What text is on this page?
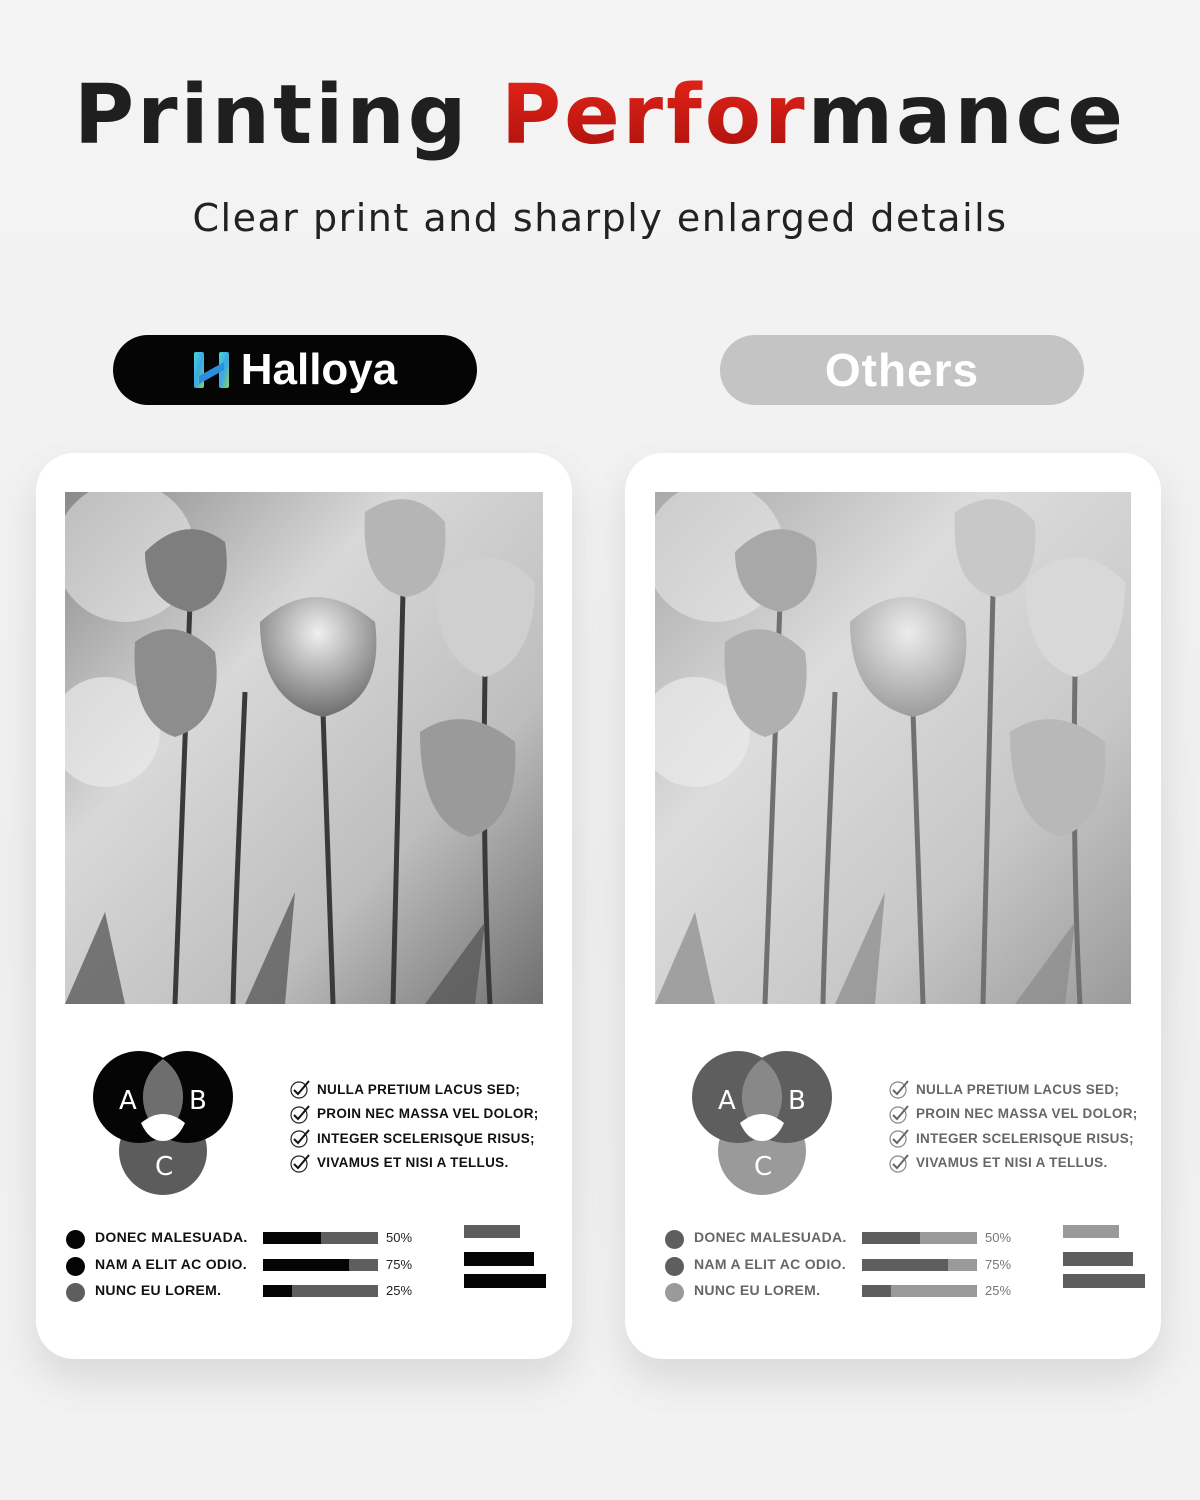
Printing Performance
Clear print and sharply enlarged details
Halloya	Others
A B
C
NULLA PRETIUM LACUS SED;
PROIN NEC MASSA VEL DOLOR;
INTEGER SCELERISQUE RISUS;
VIVAMUS ET NISI A TELLUS.
DONEC MALESUADA.	50%
NAM A ELIT AC ODIO.	75%
NUNC EU LOREM.	25%
A B
C
NULLA PRETIUM LACUS SED;
PROIN NEC MASSA VEL DOLOR;
INTEGER SCELERISQUE RISUS;
VIVAMUS ET NISI A TELLUS.
DONEC MALESUADA.	50%
NAM A ELIT AC ODIO.	75%
NUNC EU LOREM.	25%
